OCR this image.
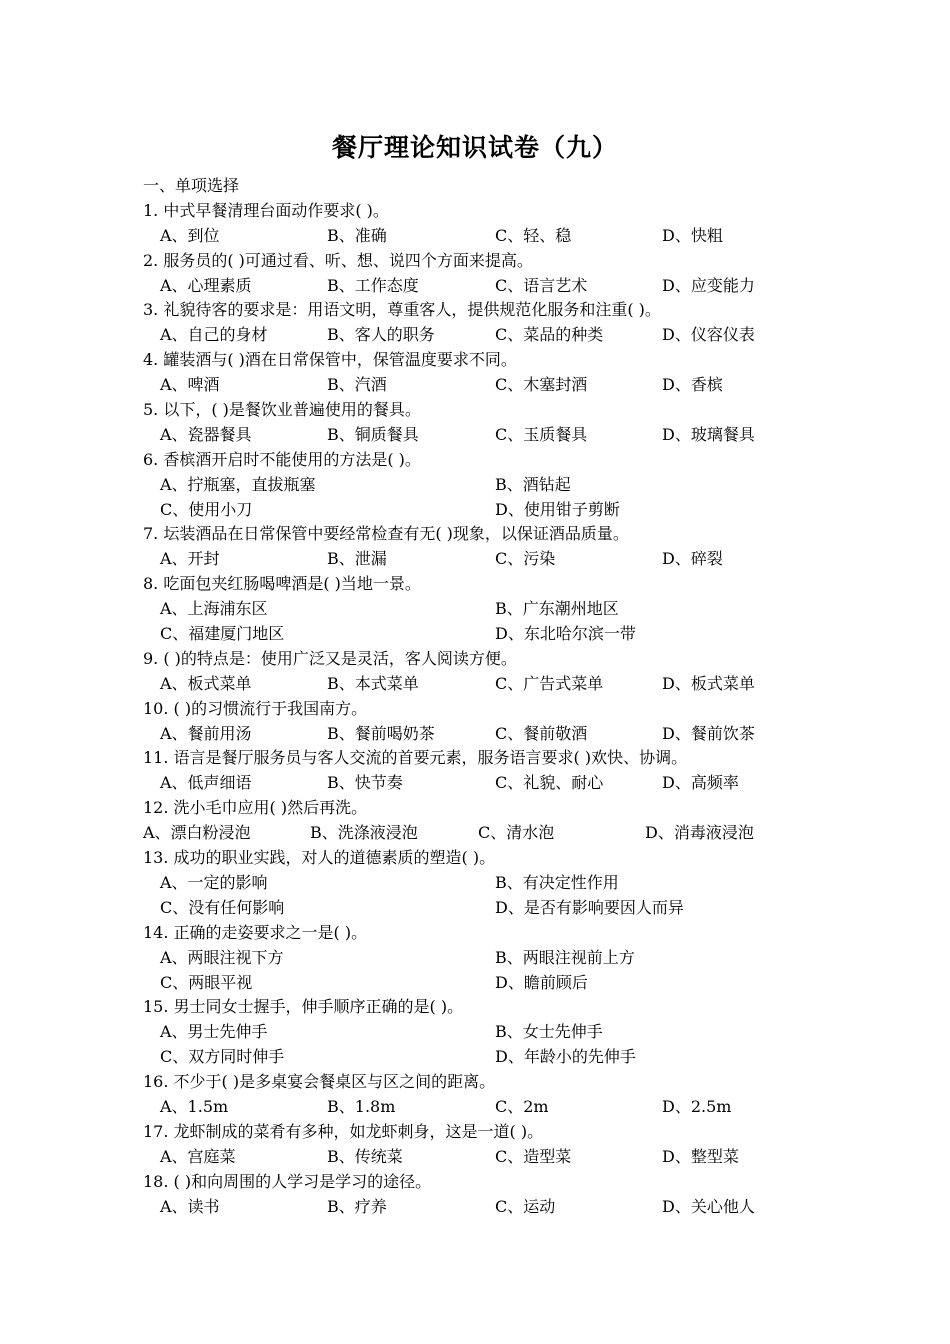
餐厅理论知识试卷（九）
一、单项选择
1. 中式早餐清理台面动作要求( )。
A、到位	B、准确	C、轻、稳	D、快粗
2. 服务员的( )可通过看、听、想、说四个方面来提高。
A、心理素质	B、工作态度	C、语言艺术	D、应变能力
3. 礼貌待客的要求是：用语文明，尊重客人，提供规范化服务和注重( )。
A、自己的身材	B、客人的职务	C、菜品的种类	D、仪容仪表
4. 罐装酒与( )酒在日常保管中，保管温度要求不同。
A、啤酒	B、汽酒	C、木塞封酒	D、香槟
5. 以下，( )是餐饮业普遍使用的餐具。
A、瓷器餐具	B、铜质餐具	C、玉质餐具	D、玻璃餐具
6. 香槟酒开启时不能使用的方法是( )。
A、拧瓶塞，直拔瓶塞	B、酒钻起
C、使用小刀	D、使用钳子剪断
7. 坛装酒品在日常保管中要经常检查有无( )现象，以保证酒品质量。
A、开封	B、泄漏	C、污染	D、碎裂
8. 吃面包夹红肠喝啤酒是( )当地一景。
A、上海浦东区	B、广东潮州地区
C、福建厦门地区	D、东北哈尔滨一带
9. ( )的特点是：使用广泛又是灵活，客人阅读方便。
A、板式菜单	B、本式菜单	C、广告式菜单	D、板式菜单
10. ( )的习惯流行于我国南方。
A、餐前用汤	B、餐前喝奶茶	C、餐前敬酒	D、餐前饮茶
11. 语言是餐厅服务员与客人交流的首要元素，服务语言要求( )欢快、协调。
A、低声细语	B、快节奏	C、礼貌、耐心	D、高频率
12. 洗小毛巾应用( )然后再洗。
A、漂白粉浸泡	B、洗涤液浸泡	C、清水泡	D、消毒液浸泡
13. 成功的职业实践，对人的道德素质的塑造( )。
A、一定的影响	B、有决定性作用
C、没有任何影响	D、是否有影响要因人而异
14. 正确的走姿要求之一是( )。
A、两眼注视下方	B、两眼注视前上方
C、两眼平视	D、瞻前顾后
15. 男士同女士握手，伸手顺序正确的是( )。
A、男士先伸手	B、女士先伸手
C、双方同时伸手	D、年龄小的先伸手
16. 不少于( )是多桌宴会餐桌区与区之间的距离。
A、1.5m	B、1.8m	C、2m	D、2.5m
17. 龙虾制成的菜肴有多种，如龙虾刺身，这是一道( )。
A、宫庭菜	B、传统菜	C、造型菜	D、整型菜
18. ( )和向周围的人学习是学习的途径。
A、读书	B、疗养	C、运动	D、关心他人
